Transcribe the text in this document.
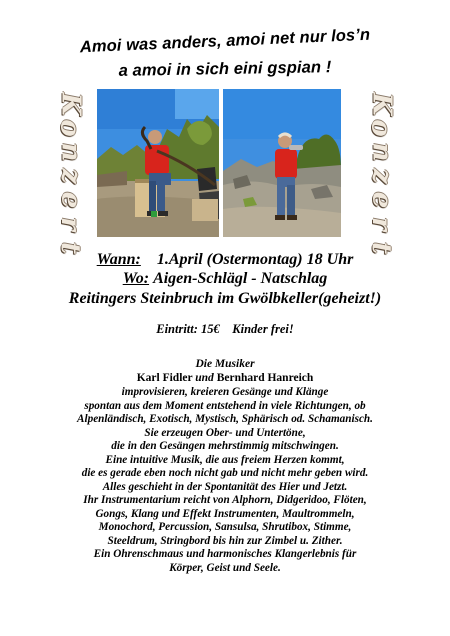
Amoi was anders, amoi net nur los’n
a amoi in sich eini gspian !
K
o
n
z
e
r
t
K
o
n
z
e
r
t
Wann: 1.April (Ostermontag) 18 Uhr
Wo: Aigen-Schlägl - Natschlag
Reitingers Steinbruch im Gwölbkeller(geheizt!)
Eintritt: 15€    Kinder frei!
Die Musiker
Karl Fidler und Bernhard Hanreich
improvisieren, kreieren Gesänge und Klänge
spontan aus dem Moment entstehend in viele Richtungen, ob
Alpenländisch, Exotisch, Mystisch, Sphärisch od. Schamanisch.
Sie erzeugen Ober- und Untertöne,
die in den Gesängen mehrstimmig mitschwingen.
Eine intuitive Musik, die aus freiem Herzen kommt,
die es gerade eben noch nicht gab und nicht mehr geben wird.
Alles geschieht in der Spontanität des Hier und Jetzt.
Ihr Instrumentarium reicht von Alphorn, Didgeridoo, Flöten,
Gongs, Klang und Effekt Instrumenten, Maultrommeln,
Monochord, Percussion, Sansulsa, Shrutibox, Stimme,
Steeldrum, Stringbord bis hin zur Zimbel u. Zither.
Ein Ohrenschmaus und harmonisches Klangerlebnis für
Körper, Geist und Seele.
